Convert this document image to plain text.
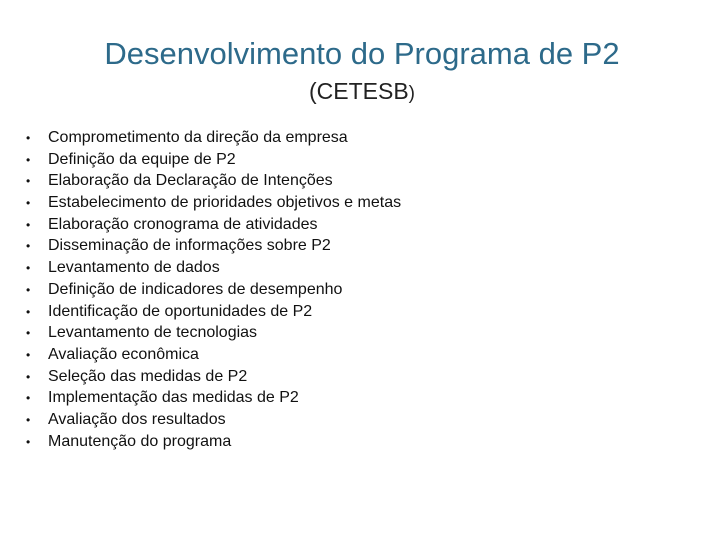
Desenvolvimento do Programa de P2
(CETESB)
•	Comprometimento da direção da empresa
•	Definição da equipe de P2
•	Elaboração da Declaração de Intenções
•	Estabelecimento de prioridades objetivos e metas
•	Elaboração cronograma de atividades
•	Disseminação de informações sobre P2
•	Levantamento de dados
•	Definição de indicadores de desempenho
•	Identificação de oportunidades de P2
•	Levantamento de tecnologias
•	Avaliação econômica
•	Seleção das medidas de P2
•	Implementação das medidas de P2
•	Avaliação dos resultados
•	Manutenção do programa
